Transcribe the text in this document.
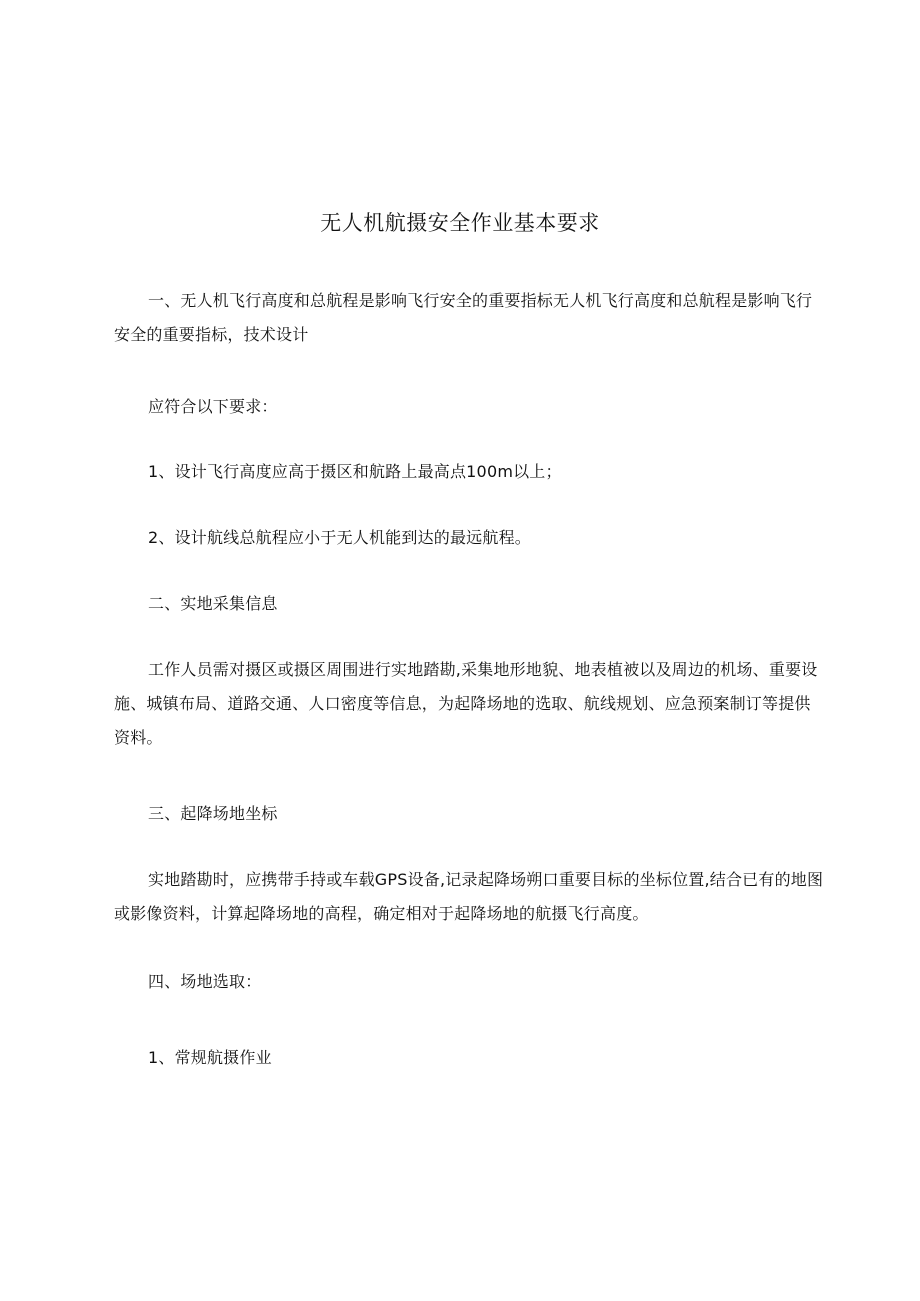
无人机航摄安全作业基本要求

一、无人机飞行高度和总航程是影响飞行安全的重要指标无人机飞行高度和总航程是影响飞行安全的重要指标，技术设计

应符合以下要求：

1、设计飞行高度应高于摄区和航路上最高点100m以上；

2、设计航线总航程应小于无人机能到达的最远航程。

二、实地采集信息

工作人员需对摄区或摄区周围进行实地踏勘,采集地形地貌、地表植被以及周边的机场、重要设施、城镇布局、道路交通、人口密度等信息，为起降场地的选取、航线规划、应急预案制订等提供资料。

三、起降场地坐标

实地踏勘时，应携带手持或车载GPS设备,记录起降场朔口重要目标的坐标位置,结合已有的地图或影像资料，计算起降场地的高程，确定相对于起降场地的航摄飞行高度。

四、场地选取：

1、常规航摄作业
